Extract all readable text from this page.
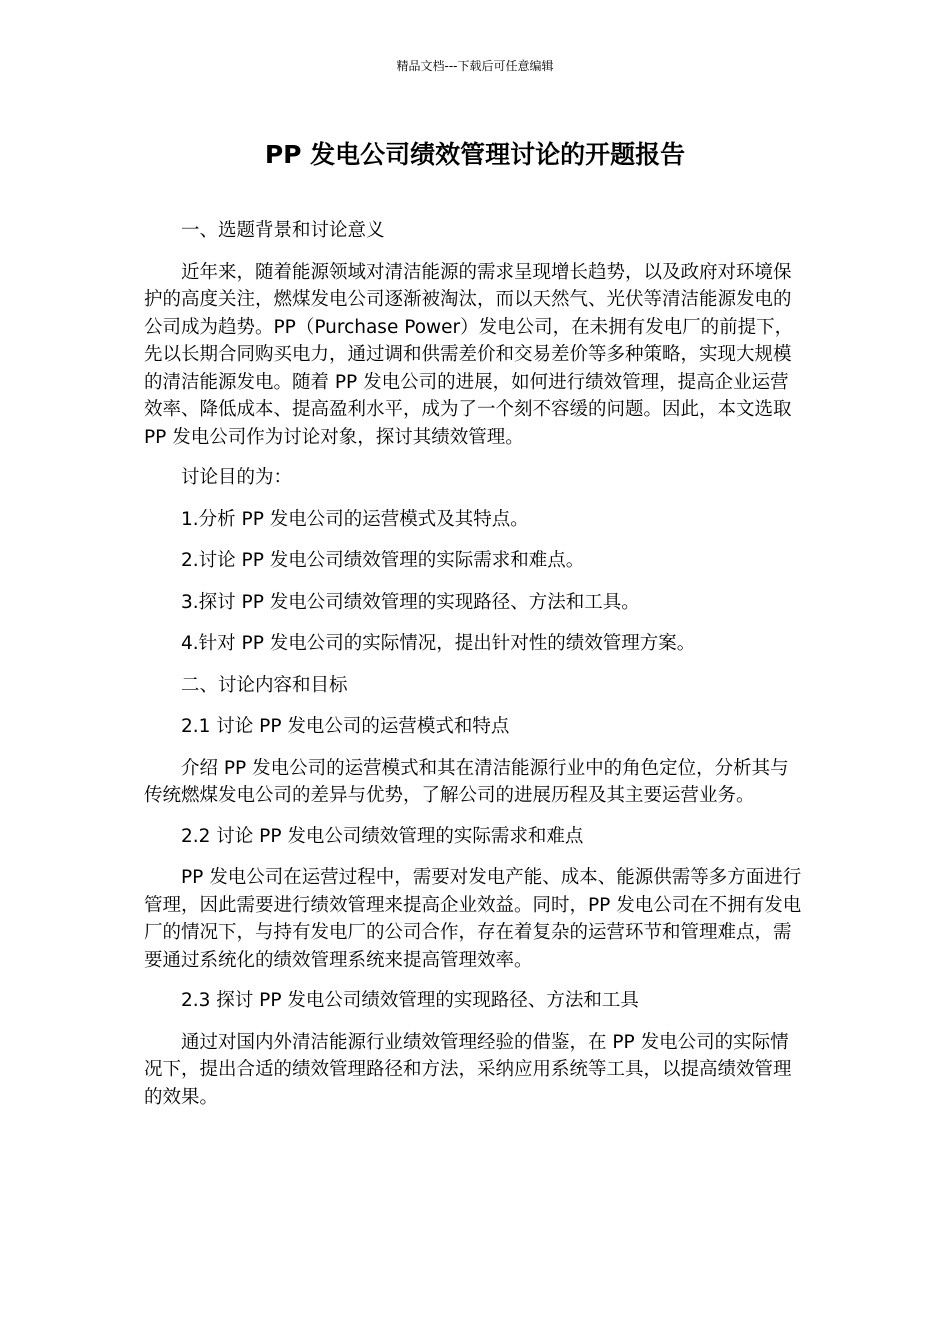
精品文档---下载后可任意编辑
PP 发电公司绩效管理讨论的开题报告

一、选题背景和讨论意义

近年来，随着能源领域对清洁能源的需求呈现增长趋势，以及政府对环境保护的高度关注，燃煤发电公司逐渐被淘汰，而以天然气、光伏等清洁能源发电的公司成为趋势。PP（Purchase Power）发电公司，在未拥有发电厂的前提下，先以长期合同购买电力，通过调和供需差价和交易差价等多种策略，实现大规模的清洁能源发电。随着 PP 发电公司的进展，如何进行绩效管理，提高企业运营效率、降低成本、提高盈利水平，成为了一个刻不容缓的问题。因此，本文选取 PP 发电公司作为讨论对象，探讨其绩效管理。

讨论目的为：

1.分析 PP 发电公司的运营模式及其特点。

2.讨论 PP 发电公司绩效管理的实际需求和难点。

3.探讨 PP 发电公司绩效管理的实现路径、方法和工具。

4.针对 PP 发电公司的实际情况，提出针对性的绩效管理方案。

二、讨论内容和目标

2.1 讨论 PP 发电公司的运营模式和特点

介绍 PP 发电公司的运营模式和其在清洁能源行业中的角色定位，分析其与传统燃煤发电公司的差异与优势，了解公司的进展历程及其主要运营业务。

2.2 讨论 PP 发电公司绩效管理的实际需求和难点

PP 发电公司在运营过程中，需要对发电产能、成本、能源供需等多方面进行管理，因此需要进行绩效管理来提高企业效益。同时，PP 发电公司在不拥有发电厂的情况下，与持有发电厂的公司合作，存在着复杂的运营环节和管理难点，需要通过系统化的绩效管理系统来提高管理效率。

2.3 探讨 PP 发电公司绩效管理的实现路径、方法和工具

通过对国内外清洁能源行业绩效管理经验的借鉴，在 PP 发电公司的实际情况下，提出合适的绩效管理路径和方法，采纳应用系统等工具，以提高绩效管理的效果。
